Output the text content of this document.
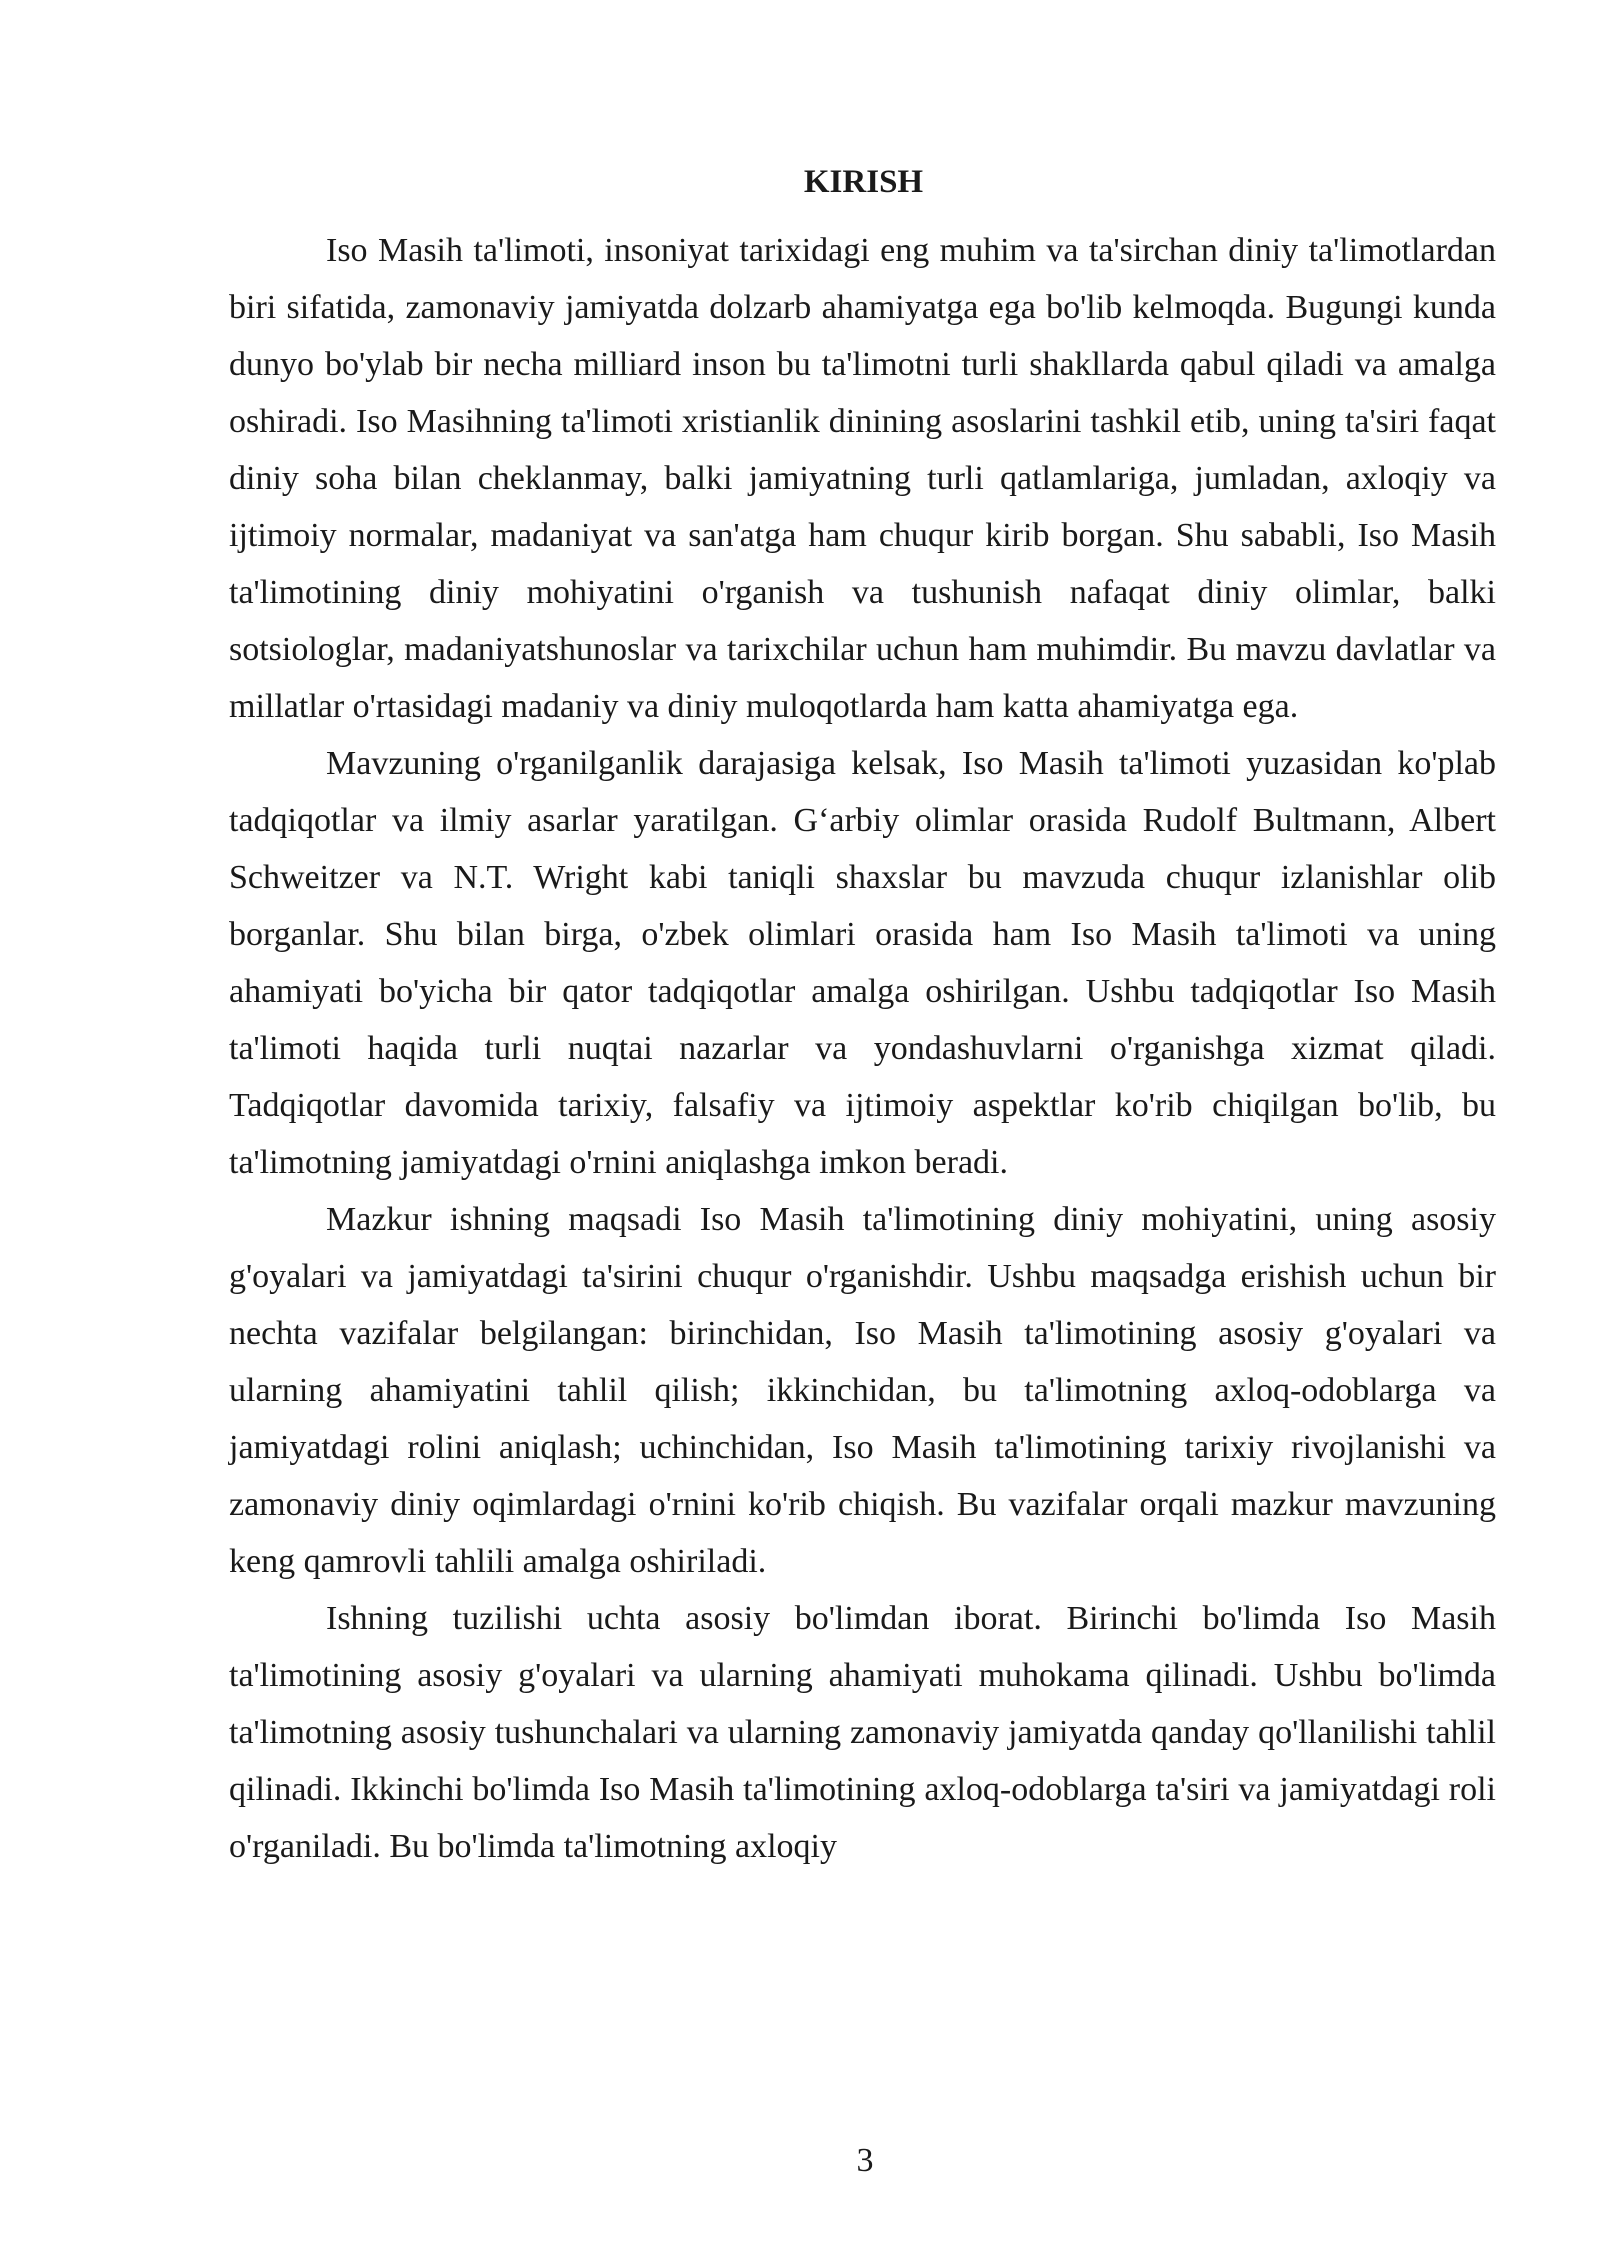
KIRISH

Iso Masih ta'limoti, insoniyat tarixidagi eng muhim va ta'sirchan diniy ta'limotlardan biri sifatida, zamonaviy jamiyatda dolzarb ahamiyatga ega bo'lib kelmoqda. Bugungi kunda dunyo bo'ylab bir necha milliard inson bu ta'limotni turli shakllarda qabul qiladi va amalga oshiradi. Iso Masihning ta'limoti xristianlik dinining asoslarini tashkil etib, uning ta'siri faqat diniy soha bilan cheklanmay, balki jamiyatning turli qatlamlariga, jumladan, axloqiy va ijtimoiy normalar, madaniyat va san'atga ham chuqur kirib borgan. Shu sababli, Iso Masih ta'limotining diniy mohiyatini o'rganish va tushunish nafaqat diniy olimlar, balki sotsiologlar, madaniyatshunoslar va tarixchilar uchun ham muhimdir. Bu mavzu davlatlar va millatlar o'rtasidagi madaniy va diniy muloqotlarda ham katta ahamiyatga ega.

Mavzuning o'rganilganlik darajasiga kelsak, Iso Masih ta'limoti yuzasidan ko'plab tadqiqotlar va ilmiy asarlar yaratilgan. G‘arbiy olimlar orasida Rudolf Bultmann, Albert Schweitzer va N.T. Wright kabi taniqli shaxslar bu mavzuda chuqur izlanishlar olib borganlar. Shu bilan birga, o'zbek olimlari orasida ham Iso Masih ta'limoti va uning ahamiyati bo'yicha bir qator tadqiqotlar amalga oshirilgan. Ushbu tadqiqotlar Iso Masih ta'limoti haqida turli nuqtai nazarlar va yondashuvlarni o'rganishga xizmat qiladi. Tadqiqotlar davomida tarixiy, falsafiy va ijtimoiy aspektlar ko'rib chiqilgan bo'lib, bu ta'limotning jamiyatdagi o'rnini aniqlashga imkon beradi.

Mazkur ishning maqsadi Iso Masih ta'limotining diniy mohiyatini, uning asosiy g'oyalari va jamiyatdagi ta'sirini chuqur o'rganishdir. Ushbu maqsadga erishish uchun bir nechta vazifalar belgilangan: birinchidan, Iso Masih ta'limotining asosiy g'oyalari va ularning ahamiyatini tahlil qilish; ikkinchidan, bu ta'limotning axloq-odoblarga va jamiyatdagi rolini aniqlash; uchinchidan, Iso Masih ta'limotining tarixiy rivojlanishi va zamonaviy diniy oqimlardagi o'rnini ko'rib chiqish. Bu vazifalar orqali mazkur mavzuning keng qamrovli tahlili amalga oshiriladi.

Ishning tuzilishi uchta asosiy bo'limdan iborat. Birinchi bo'limda Iso Masih ta'limotining asosiy g'oyalari va ularning ahamiyati muhokama qilinadi. Ushbu bo'limda ta'limotning asosiy tushunchalari va ularning zamonaviy jamiyatda qanday qo'llanilishi tahlil qilinadi. Ikkinchi bo'limda Iso Masih ta'limotining axloq-odoblarga ta'siri va jamiyatdagi roli o'rganiladi. Bu bo'limda ta'limotning axloqiy

3
